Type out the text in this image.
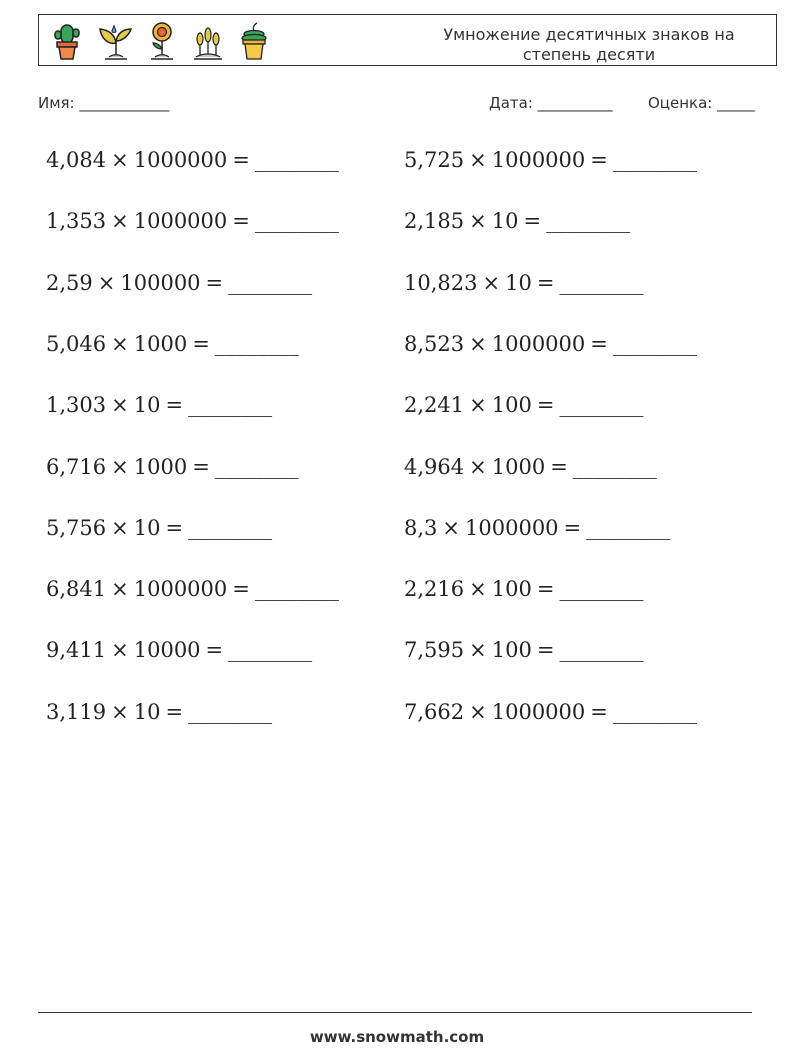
Умножение десятичных знаков на
степень десяти
Имя: ____________	Дата: __________ Оценка: _____
4,084 × 1000000 = ________	5,725 × 1000000 = ________
1,353 × 1000000 = ________	2,185 × 10 = ________
2,59 × 100000 = ________	10,823 × 10 = ________
5,046 × 1000 = ________	8,523 × 1000000 = ________
1,303 × 10 = ________	2,241 × 100 = ________
6,716 × 1000 = ________	4,964 × 1000 = ________
5,756 × 10 = ________	8,3 × 1000000 = ________
6,841 × 1000000 = ________	2,216 × 100 = ________
9,411 × 10000 = ________	7,595 × 100 = ________
3,119 × 10 = ________	7,662 × 1000000 = ________
www.snowmath.com
